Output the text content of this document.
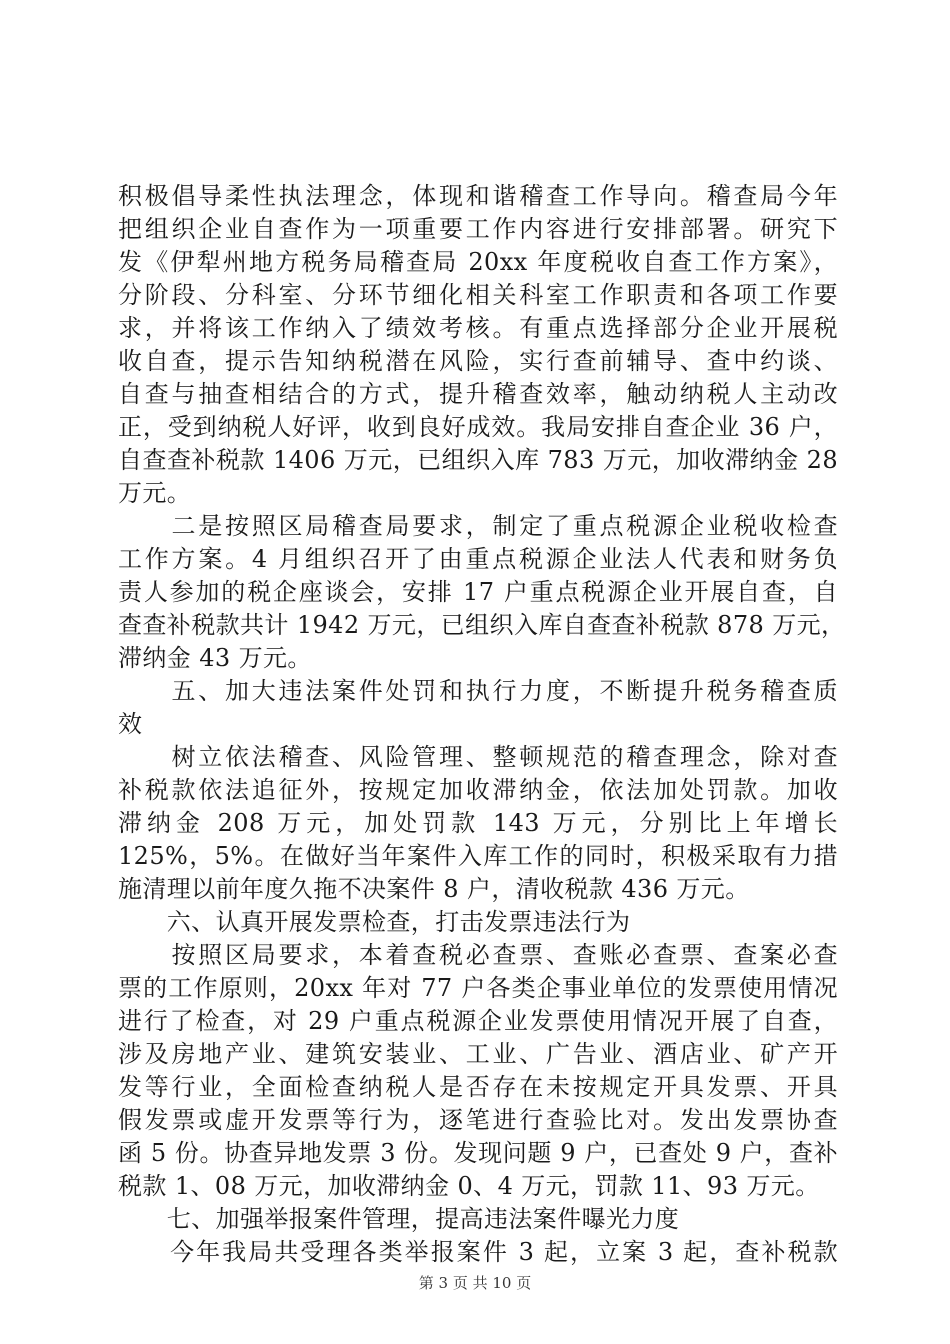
积极倡导柔性执法理念，体现和谐稽查工作导向。稽查局今年
把组织企业自查作为一项重要工作内容进行安排部署。研究下
发《伊犁州地方税务局稽查局 20xx 年度税收自查工作方案》，
分阶段、分科室、分环节细化相关科室工作职责和各项工作要
求，并将该工作纳入了绩效考核。有重点选择部分企业开展税
收自查，提示告知纳税潜在风险，实行查前辅导、查中约谈、
自查与抽查相结合的方式，提升稽查效率，触动纳税人主动改
正，受到纳税人好评，收到良好成效。我局安排自查企业 36 户，
自查查补税款 1406 万元，已组织入库 783 万元，加收滞纳金 28
万元。
　　二是按照区局稽查局要求，制定了重点税源企业税收检查
工作方案。4 月组织召开了由重点税源企业法人代表和财务负
责人参加的税企座谈会，安排 17 户重点税源企业开展自查，自
查查补税款共计 1942 万元，已组织入库自查查补税款 878 万元，
滞纳金 43 万元。
　　五、加大违法案件处罚和执行力度，不断提升税务稽查质
效
　　树立依法稽查、风险管理、整顿规范的稽查理念，除对查
补税款依法追征外，按规定加收滞纳金，依法加处罚款。加收
滞纳金 208 万元，加处罚款 143 万元，分别比上年增长
125%，5%。在做好当年案件入库工作的同时，积极采取有力措
施清理以前年度久拖不决案件 8 户，清收税款 436 万元。
　　六、认真开展发票检查，打击发票违法行为
　　按照区局要求，本着查税必查票、查账必查票、查案必查
票的工作原则，20xx 年对 77 户各类企事业单位的发票使用情况
进行了检查，对 29 户重点税源企业发票使用情况开展了自查，
涉及房地产业、建筑安装业、工业、广告业、酒店业、矿产开
发等行业，全面检查纳税人是否存在未按规定开具发票、开具
假发票或虚开发票等行为，逐笔进行查验比对。发出发票协查
函 5 份。协查异地发票 3 份。发现问题 9 户，已查处 9 户，查补
税款 1、08 万元，加收滞纳金 0、4 万元，罚款 11、93 万元。
　　七、加强举报案件管理，提高违法案件曝光力度
　　今年我局共受理各类举报案件 3 起，立案 3 起，查补税款
第 3 页 共 10 页
